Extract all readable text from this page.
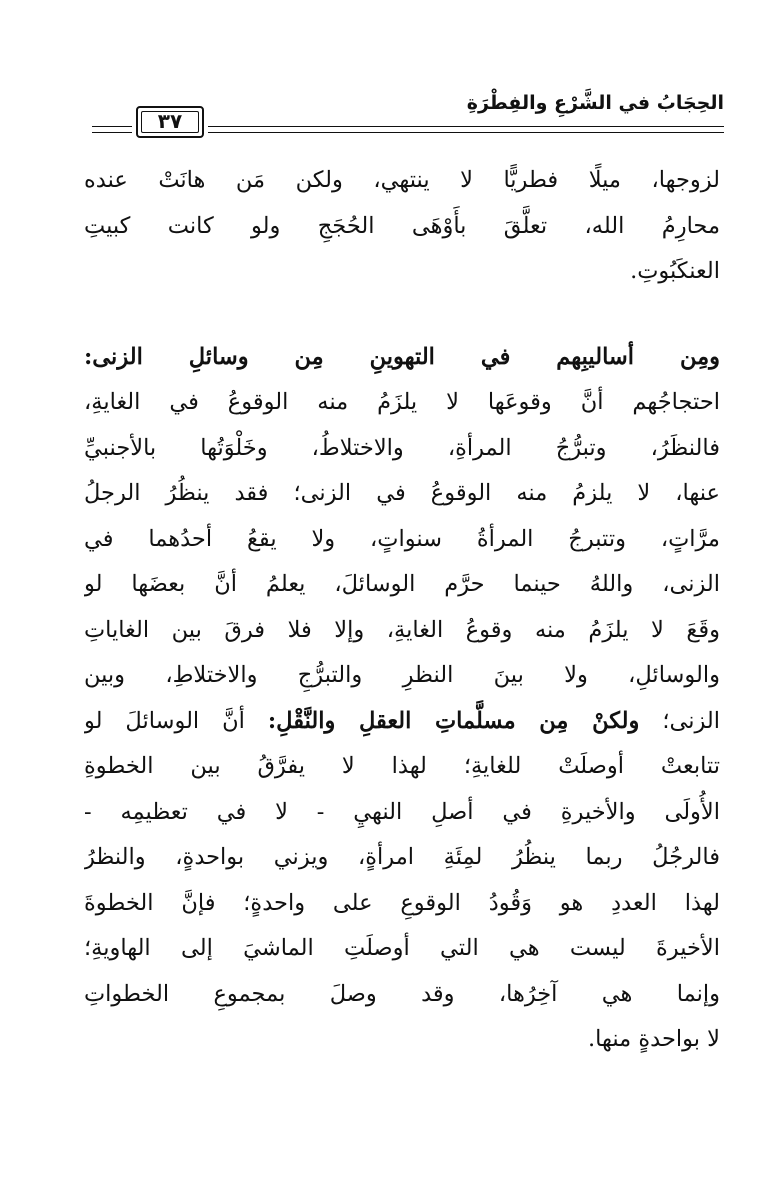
الحِجَابُ في الشَّرْعِ والفِطْرَةِ
٣٧
لزوجها، ميلًا فطريًّا لا ينتهي، ولكن مَن هانَتْ عنده
محارِمُ الله، تعلَّقَ بأَوْهَى الحُجَجِ ولو كانت كبيتِ
العنكَبُوتِ.
ومِن أساليبِهم في التهوينِ مِن وسائلِ الزنى:
احتجاجُهم أنَّ وقوعَها لا يلزَمُ منه الوقوعُ في الغايةِ،
فالنظَرُ، وتبرُّجُ المرأةِ، والاختلاطُ، وخَلْوَتُها بالأجنبيِّ
عنها، لا يلزمُ منه الوقوعُ في الزنى؛ فقد ينظُرُ الرجلُ
مرَّاتٍ، وتتبرجُ المرأةُ سنواتٍ، ولا يقعُ أحدُهما في
الزنى، واللهُ حينما حرَّم الوسائلَ، يعلمُ أنَّ بعضَها لو
وقَعَ لا يلزَمُ منه وقوعُ الغايةِ، وإلا فلا فرقَ بين الغاياتِ
والوسائلِ، ولا بينَ النظرِ والتبرُّجِ والاختلاطِ، وبين
الزنى؛ ولكنْ مِن مسلَّماتِ العقلِ والنَّقْلِ: أنَّ الوسائلَ لو
تتابعتْ أوصلَتْ للغايةِ؛ لهذا لا يفرَّقُ بين الخطوةِ
الأُولَى والأخيرةِ في أصلِ النهيِ - لا في تعظيمِه -
فالرجُلُ ربما ينظُرُ لمِئَةِ امرأةٍ، ويزني بواحدةٍ، والنظرُ
لهذا العددِ هو وَقُودُ الوقوعِ على واحدةٍ؛ فإنَّ الخطوةَ
الأخيرةَ ليست هي التي أوصلَتِ الماشيَ إلى الهاويةِ؛
وإنما هي آخِرُها، وقد وصلَ بمجموعِ الخطواتِ
لا بواحدةٍ منها.
